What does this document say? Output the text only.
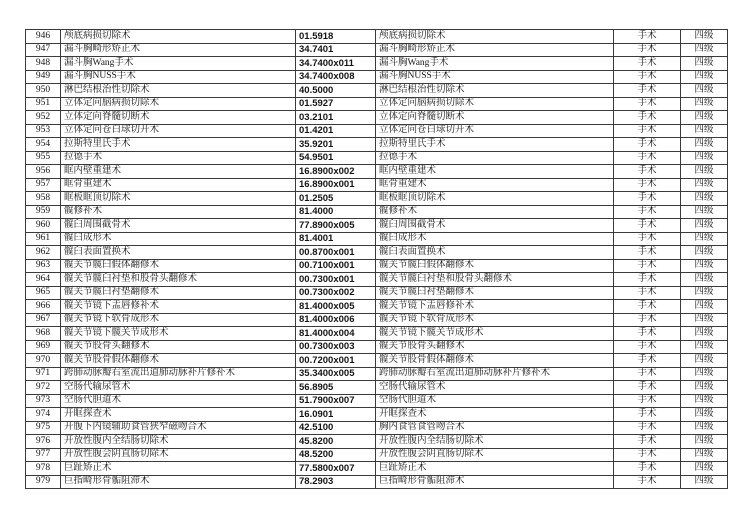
946	颅底病损切除术	01.5918	颅底病损切除术	手术	四级
947	漏斗胸畸形矫正术	34.7401	漏斗胸畸形矫正术	手术	四级
948	漏斗胸Wang手术	34.7400x011	漏斗胸Wang手术	手术	四级
949	漏斗胸NUSS手术	34.7400x008	漏斗胸NUSS手术	手术	四级
950	淋巴结根治性切除术	40.5000	淋巴结根治性切除术	手术	四级
951	立体定向脑病损切除术	01.5927	立体定向脑病损切除术	手术	四级
952	立体定向脊髓切断术	03.2101	立体定向脊髓切断术	手术	四级
953	立体定向苍白球切开术	01.4201	立体定向苍白球切开术	手术	四级
954	拉斯特里氏手术	35.9201	拉斯特里氏手术	手术	四级
955	拉德手术	54.9501	拉德手术	手术	四级
956	眶内壁重建术	16.8900x002	眶内壁重建术	手术	四级
957	眶骨重建术	16.8900x001	眶骨重建术	手术	四级
958	眶板眶顶切除术	01.2505	眶板眶顶切除术	手术	四级
959	髋修补术	81.4000	髋修补术	手术	四级
960	髋臼周围截骨术	77.8900x005	髋臼周围截骨术	手术	四级
961	髋臼成形术	81.4001	髋臼成形术	手术	四级
962	髋臼表面置换术	00.8700x001	髋臼表面置换术	手术	四级
963	髋关节髋臼假体翻修术	00.7100x001	髋关节髋臼假体翻修术	手术	四级
964	髋关节髋臼衬垫和股骨头翻修术	00.7300x001	髋关节髋臼衬垫和股骨头翻修术	手术	四级
965	髋关节髋臼衬垫翻修术	00.7300x002	髋关节髋臼衬垫翻修术	手术	四级
966	髋关节镜下盂唇修补术	81.4000x005	髋关节镜下盂唇修补术	手术	四级
967	髋关节镜下软骨成形术	81.4000x006	髋关节镜下软骨成形术	手术	四级
968	髋关节镜下髋关节成形术	81.4000x004	髋关节镜下髋关节成形术	手术	四级
969	髋关节股骨头翻修术	00.7300x003	髋关节股骨头翻修术	手术	四级
970	髋关节股骨假体翻修术	00.7200x001	髋关节股骨假体翻修术	手术	四级
971	跨肺动脉瓣右室流出道肺动脉补片修补术	35.3400x005	跨肺动脉瓣右室流出道肺动脉补片修补术	手术	四级
972	空肠代输尿管术	56.8905	空肠代输尿管术	手术	四级
973	空肠代胆道术	51.7900x007	空肠代胆道术	手术	四级
974	开眶探查术	16.0901	开眶探查术	手术	四级
975	开腹下内镜辅助食管狭窄磁吻合术	42.5100	胸内食管食管吻合术	手术	四级
976	开放性腹内全结肠切除术	45.8200	开放性腹内全结肠切除术	手术	四级
977	开放性腹会阴直肠切除术	48.5200	开放性腹会阴直肠切除术	手术	四级
978	巨趾矫正术	77.5800x007	巨趾矫正术	手术	四级
979	巨指畸形骨骺阻滞术	78.2903	巨指畸形骨骺阻滞术	手术	四级
